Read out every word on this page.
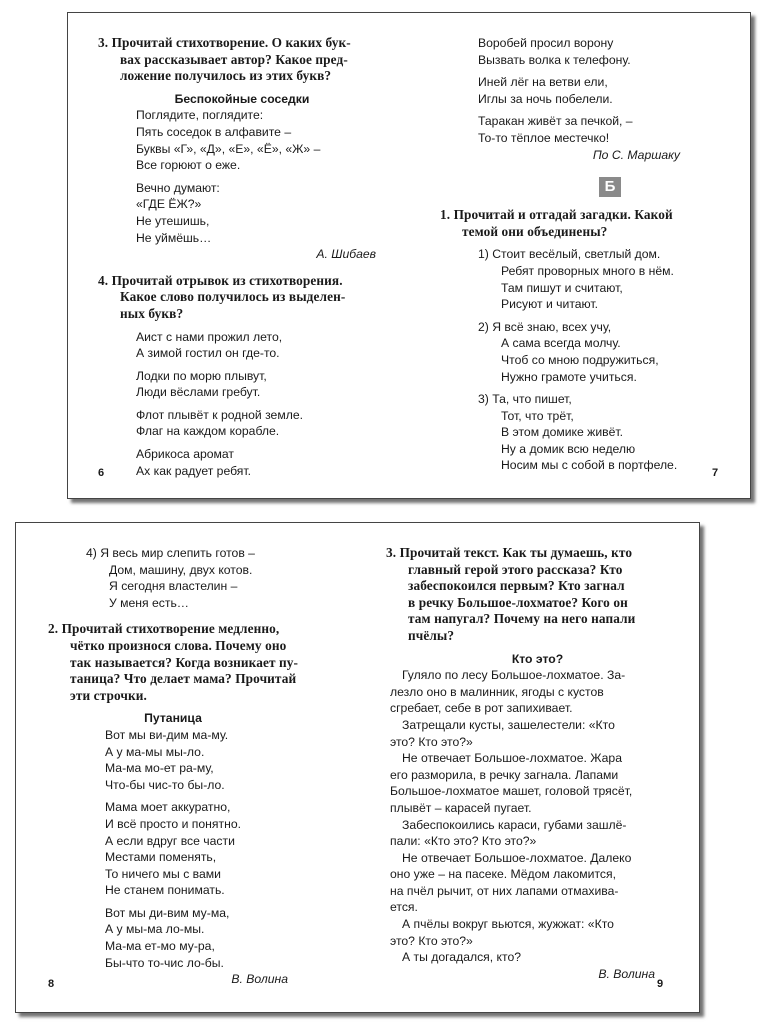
3. Прочитай стихотворение. О каких бук-
вах рассказывает автор? Какое пред-
ложение получилось из этих букв?
Беспокойные соседки
Поглядите, поглядите:
Пять соседок в алфавите –
Буквы «Г», «Д», «Е», «Ё», «Ж» –
Все горюют о еже.
Вечно думают:
«ГДЕ ЁЖ?»
Не утешишь,
Не уймёшь…
А. Шибаев
4. Прочитай отрывок из стихотворения.
Какое слово получилось из выделен-
ных букв?
Аист с нами прожил лето,
А зимой гостил он где-то.
Лодки по морю плывут,
Люди вёслами гребут.
Флот плывёт к родной земле.
Флаг на каждом корабле.
Абрикоса аромат
Ах как радует ребят.
6
Воробей просил ворону
Вызвать волка к телефону.
Иней лёг на ветви ели,
Иглы за ночь побелели.
Таракан живёт за печкой, –
То-то тёплое местечко!
По С. Маршаку
Б
1. Прочитай и отгадай загадки. Какой
темой они объединены?
1) Стоит весёлый, светлый дом.
Ребят проворных много в нём.
Там пишут и считают,
Рисуют и читают.
2) Я всё знаю, всех учу,
А сама всегда молчу.
Чтоб со мною подружиться,
Нужно грамоте учиться.
3) Та, что пишет,
Тот, что трёт,
В этом домике живёт.
Ну а домик всю неделю
Носим мы с собой в портфеле.
7
4) Я весь мир слепить готов –
Дом, машину, двух котов.
Я сегодня властелин –
У меня есть…
2. Прочитай стихотворение медленно,
чётко произнося слова. Почему оно
так называется? Когда возникает пу-
таница? Что делает мама? Прочитай
эти строчки.
Путаница
Вот мы ви-дим ма-му.
А у ма-мы мы-ло.
Ма-ма мо-ет ра-му,
Что-бы чис-то бы-ло.
Мама моет аккуратно,
И всё просто и понятно.
А если вдруг все части
Местами поменять,
То ничего мы с вами
Не станем понимать.
Вот мы ди-вим му-ма,
А у мы-ма ло-мы.
Ма-ма ет-мо му-ра,
Бы-что то-чис ло-бы.
В. Волина
8
3. Прочитай текст. Как ты думаешь, кто
главный герой этого рассказа? Кто
забеспокоился первым? Кто загнал
в речку Большое-лохматое? Кого он
там напугал? Почему на него напали
пчёлы?
Кто это?
Гуляло по лесу Большое-лохматое. За-
лезло оно в малинник, ягоды с кустов
сгребает, себе в рот запихивает.
Затрещали кусты, зашелестели: «Кто
это? Кто это?»
Не отвечает Большое-лохматое. Жара
его разморила, в речку загнала. Лапами
Большое-лохматое машет, головой трясёт,
плывёт – карасей пугает.
Забеспокоились караси, губами зашлё-
пали: «Кто это? Кто это?»
Не отвечает Большое-лохматое. Далеко
оно уже – на пасеке. Мёдом лакомится,
на пчёл рычит, от них лапами отмахива-
ется.
А пчёлы вокруг вьются, жужжат: «Кто
это? Кто это?»
А ты догадался, кто?
В. Волина
9
